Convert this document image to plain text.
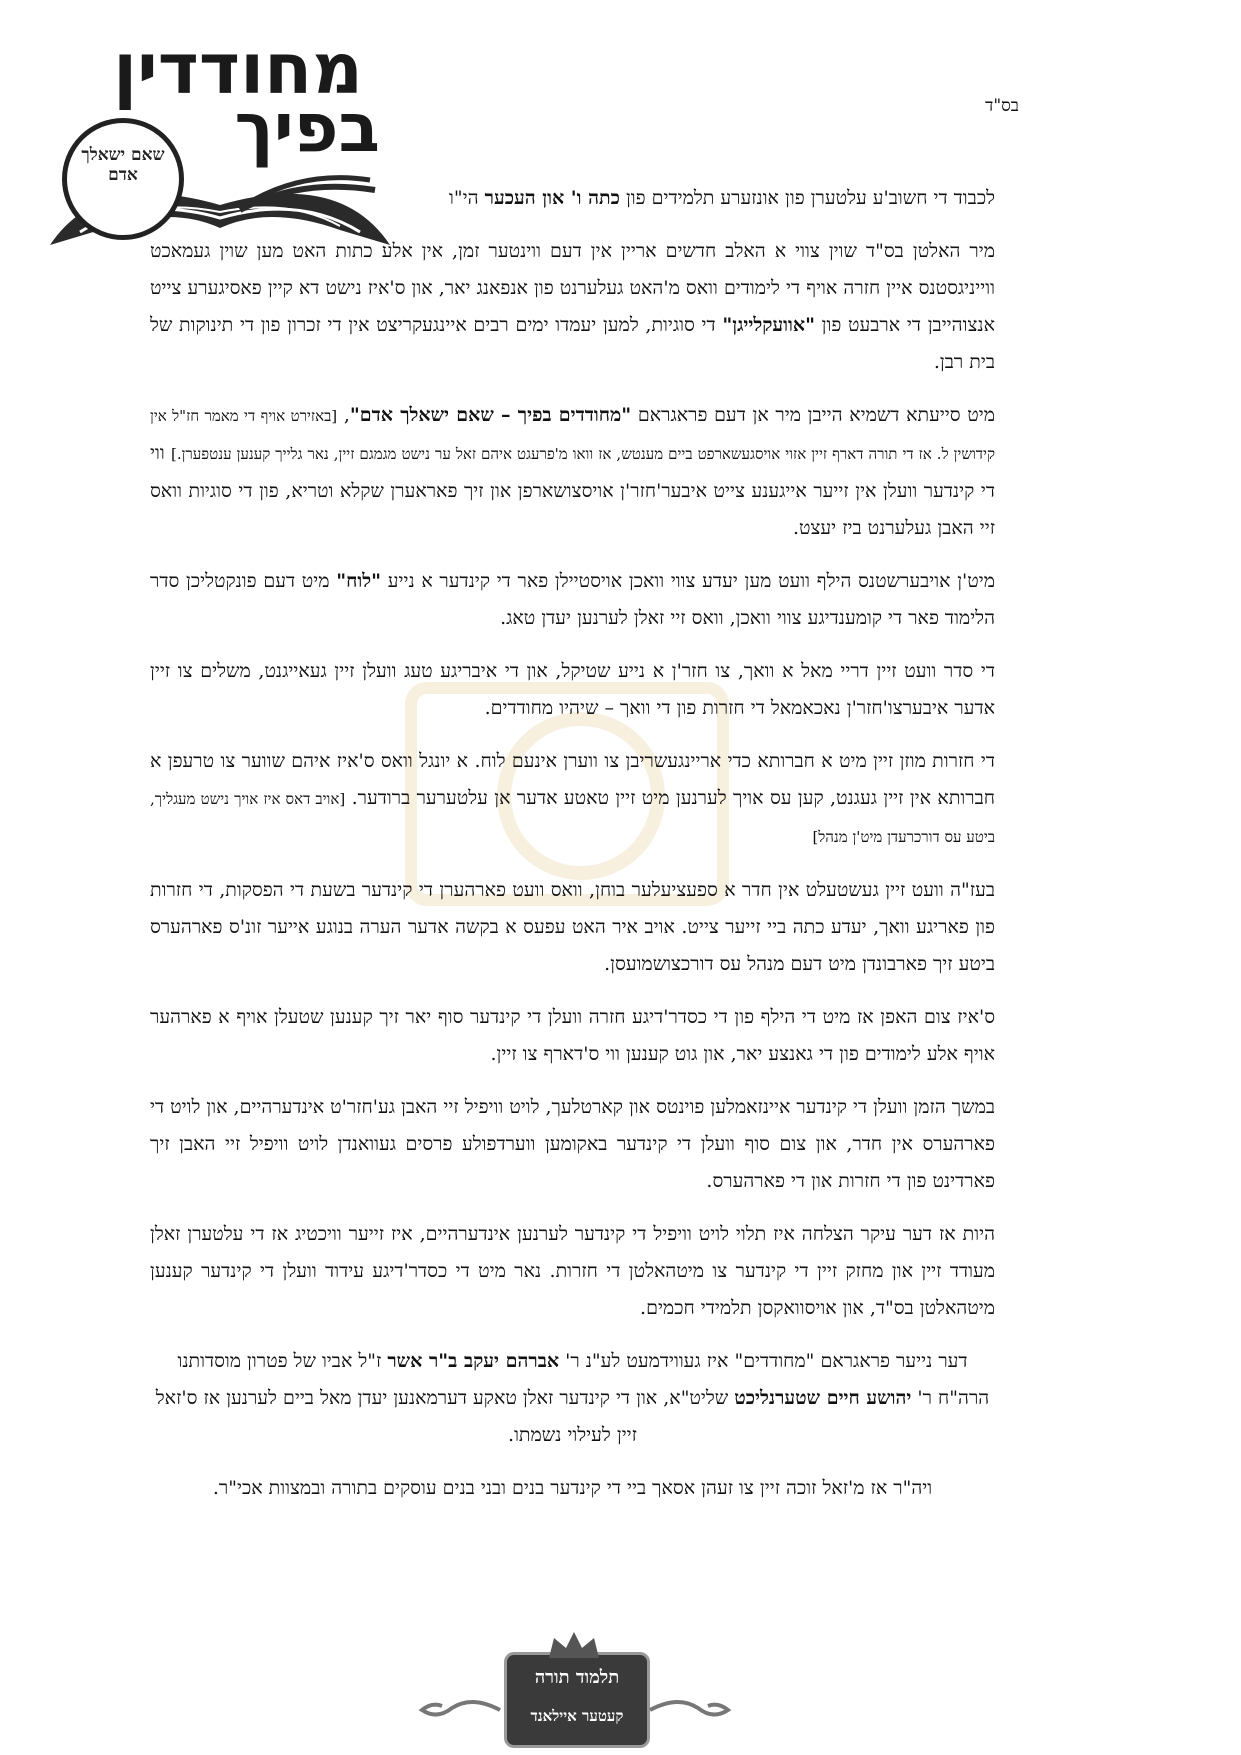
מחודדין
בפיך
שאם ישאלך אדם
בס"ד

לכבוד די חשוב'ע עלטערן פון אונזערע תלמידים פון כתה ו' און העכער הי"ו

מיר האלטן בס"ד שוין צווי א האלב חדשים אריין אין דעם ווינטער זמן, אין אלע כתות האט מען שוין געמאכט ווייניגסטנס איין חזרה אויף די לימודים וואס מ'האט געלערנט פון אנפאנג יאר, און ס'איז נישט דא קיין פאסיגערע צייט אנצוהייבן די ארבעט פון "אוועקלייגן" די סוגיות, למען יעמדו ימים רבים איינגעקריצט אין די זכרון פון די תינוקות של בית רבן.

מיט סייעתא דשמיא הייבן מיר אן דעם פראגראם "מחודדים בפיך – שאם ישאלך אדם", [באזירט אויף די מאמר חז"ל אין קידושין ל. אז די תורה דארף זיין אזוי אויסגעשארפט ביים מענטש, אז וואו מ'פרעגט איהם זאל ער נישט מגמגם זיין, נאר גלייך קענען ענטפערן.] ווי די קינדער וועלן אין זייער אייגענע צייט איבער'חזר'ן אויסצושארפן און זיך פאראערן שקלא וטריא, פון די סוגיות וואס זיי האבן געלערנט ביז יעצט.

מיט'ן אויבערשטנס הילף וועט מען יעדע צווי וואכן אויסטיילן פאר די קינדער א נייע "לוח" מיט דעם פונקטליכן סדר הלימוד פאר די קומענדיגע צווי וואכן, וואס זיי זאלן לערנען יעדן טאג.

די סדר וועט זיין דריי מאל א וואך, צו חזר'ן א נייע שטיקל, און די איבריגע טעג וועלן זיין געאייגנט, משלים צו זיין אדער איבערצו'חזר'ן נאכאמאל די חזרות פון די וואך – שיהיו מחודדים.

די חזרות מוזן זיין מיט א חברותא כדי אריינגעשריבן צו ווערן אינעם לוח. א יונגל וואס ס'איז איהם שווער צו טרעפן א חברותא אין זיין געגנט, קען עס אויך לערנען מיט זיין טאטע אדער אן עלטערער ברודער. [אויב דאס איז אויך נישט מעגליך, ביטע עס דורכרעדן מיט'ן מנהל]

בעז"ה וועט זיין געשטעלט אין חדר א ספעציעלער בוחן, וואס וועט פארהערן די קינדער בשעת די הפסקות, די חזרות פון פאריגע וואך, יעדע כתה ביי זייער צייט. אויב איר האט עפעס א בקשה אדער הערה בנוגע אייער זונ'ס פארהערס ביטע זיך פארבונדן מיט דעם מנהל עס דורכצושמועסן.

ס'איז צום האפן אז מיט די הילף פון די כסדר'דיגע חזרה וועלן די קינדער סוף יאר זיך קענען שטעלן אויף א פארהער אויף אלע לימודים פון די גאנצע יאר, און גוט קענען ווי ס'דארף צו זיין.

במשך הזמן וועלן די קינדער איינזאמלען פוינטס און קארטלעך, לויט וויפיל זיי האבן גע'חזר'ט אינדערהיים, און לויט די פארהערס אין חדר, און צום סוף וועלן די קינדער באקומען ווערדפולע פרסים געוואנדן לויט וויפיל זיי האבן זיך פארדינט פון די חזרות און די פארהערס.

היות אז דער עיקר הצלחה איז תלוי לויט וויפיל די קינדער לערנען אינדערהיים, איז זייער וויכטיג אז די עלטערן זאלן מעודד זיין און מחזק זיין די קינדער צו מיטהאלטן די חזרות. נאר מיט די כסדר'דיגע עידוד וועלן די קינדער קענען מיטהאלטן בס"ד, און אויסוואקסן תלמידי חכמים.

דער נייער פראגראם "מחודדים" איז געווידמעט לע"נ ר' אברהם יעקב ב"ר אשר ז"ל אביו של פטרון מוסדותנו הרה"ח ר' יהושע חיים שטערנליכט שליט"א, און די קינדער זאלן טאקע דערמאנען יעדן מאל ביים לערנען אז ס'זאל זיין לעילוי נשמתו.

ויה"ר אז מ'זאל זוכה זיין צו זעהן אסאך ביי די קינדער בנים ובני בנים עוסקים בתורה ובמצוות אכי"ר.

תלמוד תורה
קעטער איילאנד
